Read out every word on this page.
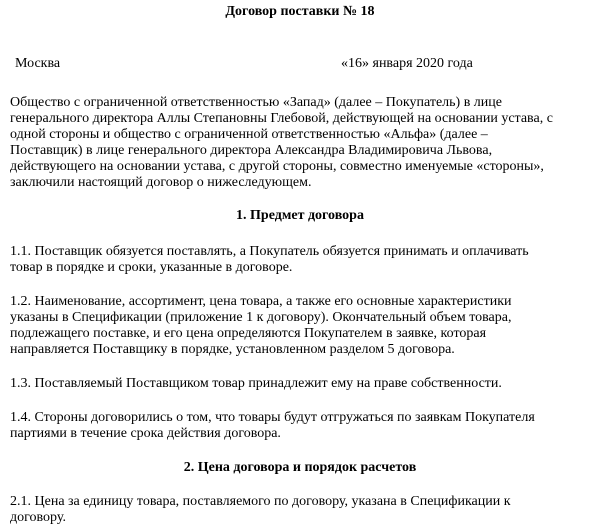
Договор поставки № 18
Москва	«16» января 2020 года
Общество с ограниченной ответственностью «Запад» (далее – Покупатель) в лице
генерального директора Аллы Степановны Глебовой, действующей на основании устава, с
одной стороны и общество с ограниченной ответственностью «Альфа» (далее –
Поставщик) в лице генерального директора Александра Владимировича Львова,
действующего на основании устава, с другой стороны, совместно именуемые «стороны»,
заключили настоящий договор о нижеследующем.
1. Предмет договора
1.1. Поставщик обязуется поставлять, а Покупатель обязуется принимать и оплачивать
товар в порядке и сроки, указанные в договоре.
1.2. Наименование, ассортимент, цена товара, а также его основные характеристики
указаны в Спецификации (приложение 1 к договору). Окончательный объем товара,
подлежащего поставке, и его цена определяются Покупателем в заявке, которая
направляется Поставщику в порядке, установленном разделом 5 договора.
1.3. Поставляемый Поставщиком товар принадлежит ему на праве собственности.
1.4. Стороны договорились о том, что товары будут отгружаться по заявкам Покупателя
партиями в течение срока действия договора.
2. Цена договора и порядок расчетов
2.1. Цена за единицу товара, поставляемого по договору, указана в Спецификации к
договору.
